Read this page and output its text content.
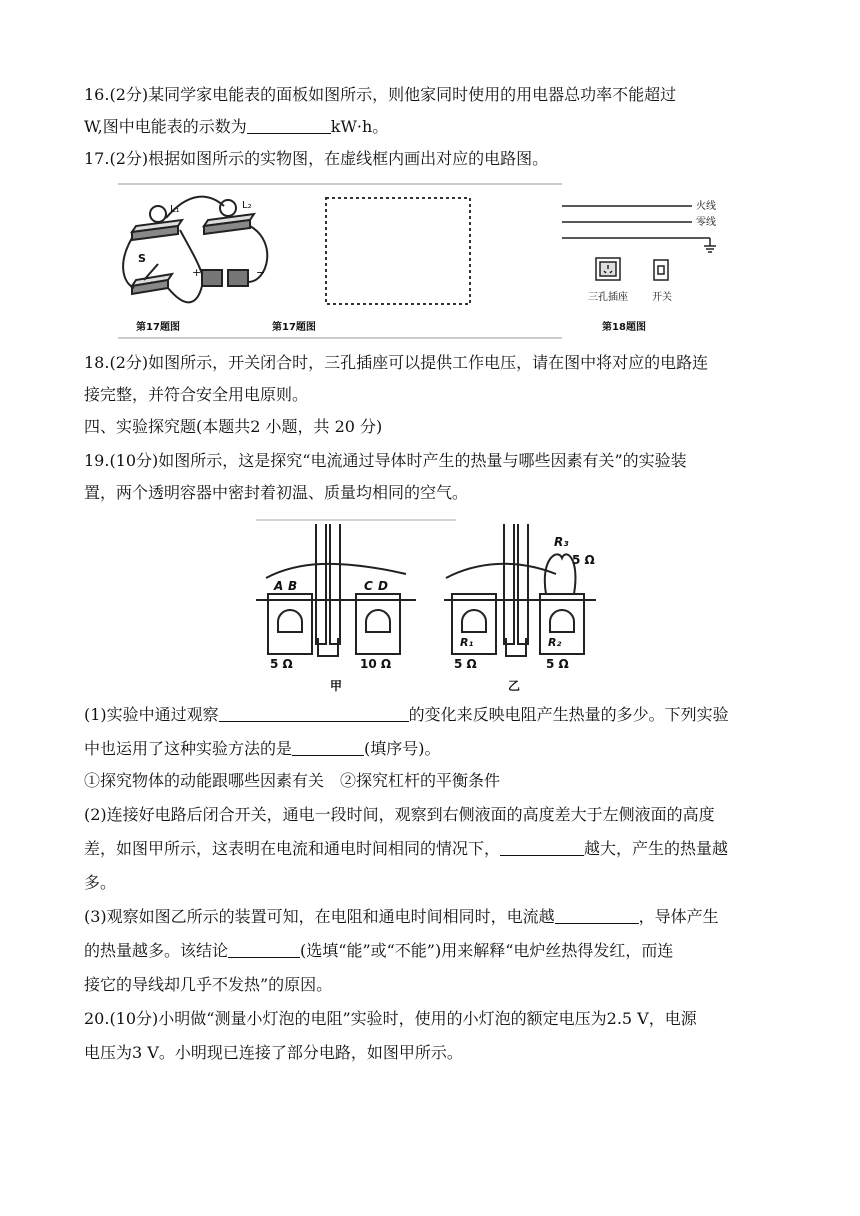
16.(2分)某同学家电能表的面板如图所示，则他家同时使用的用电器总功率不能超过
W,图中电能表的示数为	kW·h。
17.(2分)根据如图所示的实物图，在虚线框内画出对应的电路图。
L₁	L₂
S
+	−
第17题图
火线
零线
三孔插座 开关
第18题图
第17题图
18.(2分)如图所示，开关闭合时，三孔插座可以提供工作电压，请在图中将对应的电路连
接完整，并符合安全用电原则。
四、实验探究题(本题共2 小题，共 20 分)
19.(10分)如图所示，这是探究“电流通过导体时产生的热量与哪些因素有关”的实验装
置，两个透明容器中密封着初温、质量均相同的空气。
A B	C D
5 Ω	10 Ω
甲
R₃
5 Ω
R₁	R₂
5 Ω	5 Ω
乙
(1)实验中通过观察	的变化来反映电阻产生热量的多少。下列实验
中也运用了这种实验方法的是	(填序号)。
①探究物体的动能跟哪些因素有关　②探究杠杆的平衡条件
(2)连接好电路后闭合开关，通电一段时间，观察到右侧液面的高度差大于左侧液面的高度
差，如图甲所示，这表明在电流和通电时间相同的情况下，	越大，产生的热量越
多。
(3)观察如图乙所示的装置可知，在电阻和通电时间相同时，电流越	，导体产生
的热量越多。该结论	(选填“能”或“不能”)用来解释“电炉丝热得发红，而连
接它的导线却几乎不发热”的原因。
20.(10分)小明做“测量小灯泡的电阻”实验时，使用的小灯泡的额定电压为2.5 V，电源
电压为3 V。小明现已连接了部分电路，如图甲所示。
